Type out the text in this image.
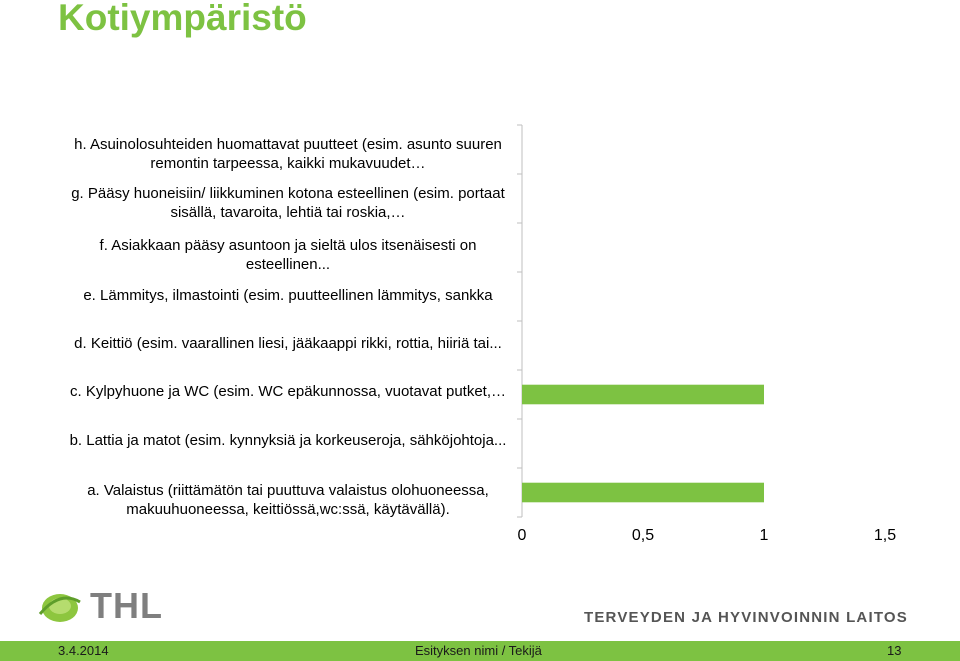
Kotiympäristö
h. Asuinolosuhteiden huomattavat puutteet (esim. asunto suuren remontin tarpeessa, kaikki mukavuudet…
g. Pääsy huoneisiin/ liikkuminen kotona esteellinen (esim. portaat sisällä, tavaroita, lehtiä tai roskia,…
f. Asiakkaan pääsy asuntoon ja sieltä ulos itsenäisesti on esteellinen...
e. Lämmitys, ilmastointi (esim. puutteellinen lämmitys, sankka
d. Keittiö (esim. vaarallinen liesi, jääkaappi rikki, rottia, hiiriä tai...
c. Kylpyhuone ja WC (esim. WC epäkunnossa, vuotavat putket,…
b. Lattia ja matot (esim. kynnyksiä ja korkeuseroja, sähköjohtoja...
a. Valaistus (riittämätön tai puuttuva valaistus olohuoneessa, makuuhuoneessa, keittiössä,wc:ssä, käytävällä).
0	0,5	1	1,5
THL	TERVEYDEN JA HYVINVOINNIN LAITOS
3.4.2014	Esityksen nimi / Tekijä	13
